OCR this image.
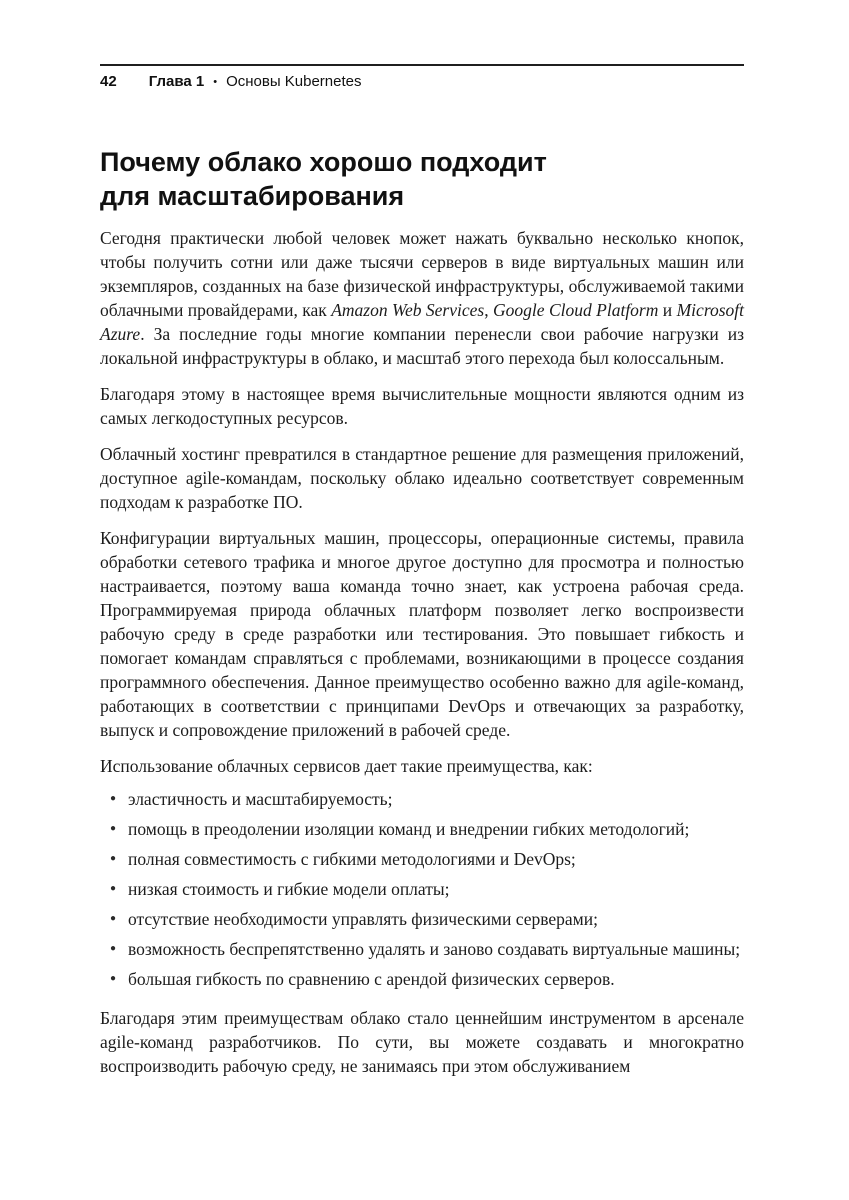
42 Глава 1 • Основы Kubernetes
Почему облако хорошо подходит
для масштабирования

Сегодня практически любой человек может нажать буквально несколько кнопок, чтобы получить сотни или даже тысячи серверов в виде виртуальных машин или экземпляров, созданных на базе физической инфраструктуры, обслуживаемой такими облачными провайдерами, как Amazon Web Services, Google Cloud Platform и Microsoft Azure. За последние годы многие компании перенесли свои рабочие нагрузки из локальной инфраструктуры в облако, и масштаб этого перехода был колоссальным.

Благодаря этому в настоящее время вычислительные мощности являются одним из самых легкодоступных ресурсов.

Облачный хостинг превратился в стандартное решение для размещения приложений, доступное agile-командам, поскольку облако идеально соответствует современным подходам к разработке ПО.

Конфигурации виртуальных машин, процессоры, операционные системы, правила обработки сетевого трафика и многое другое доступно для просмотра и полностью настраивается, поэтому ваша команда точно знает, как устроена рабочая среда. Программируемая природа облачных платформ позволяет легко воспроизвести рабочую среду в среде разработки или тестирования. Это повышает гибкость и помогает командам справляться с проблемами, возникающими в процессе создания программного обеспечения. Данное преимущество особенно важно для agile-команд, работающих в соответствии с принципами DevOps и отвечающих за разработку, выпуск и сопровождение приложений в рабочей среде.

Использование облачных сервисов дает такие преимущества, как:

● эластичность и масштабируемость;
● помощь в преодолении изоляции команд и внедрении гибких методологий;
● полная совместимость с гибкими методологиями и DevOps;
● низкая стоимость и гибкие модели оплаты;
● отсутствие необходимости управлять физическими серверами;
● возможность беспрепятственно удалять и заново создавать виртуальные машины;
● большая гибкость по сравнению с арендой физических серверов.

Благодаря этим преимуществам облако стало ценнейшим инструментом в арсенале agile-команд разработчиков. По сути, вы можете создавать и многократно воспроизводить рабочую среду, не занимаясь при этом обслуживанием
